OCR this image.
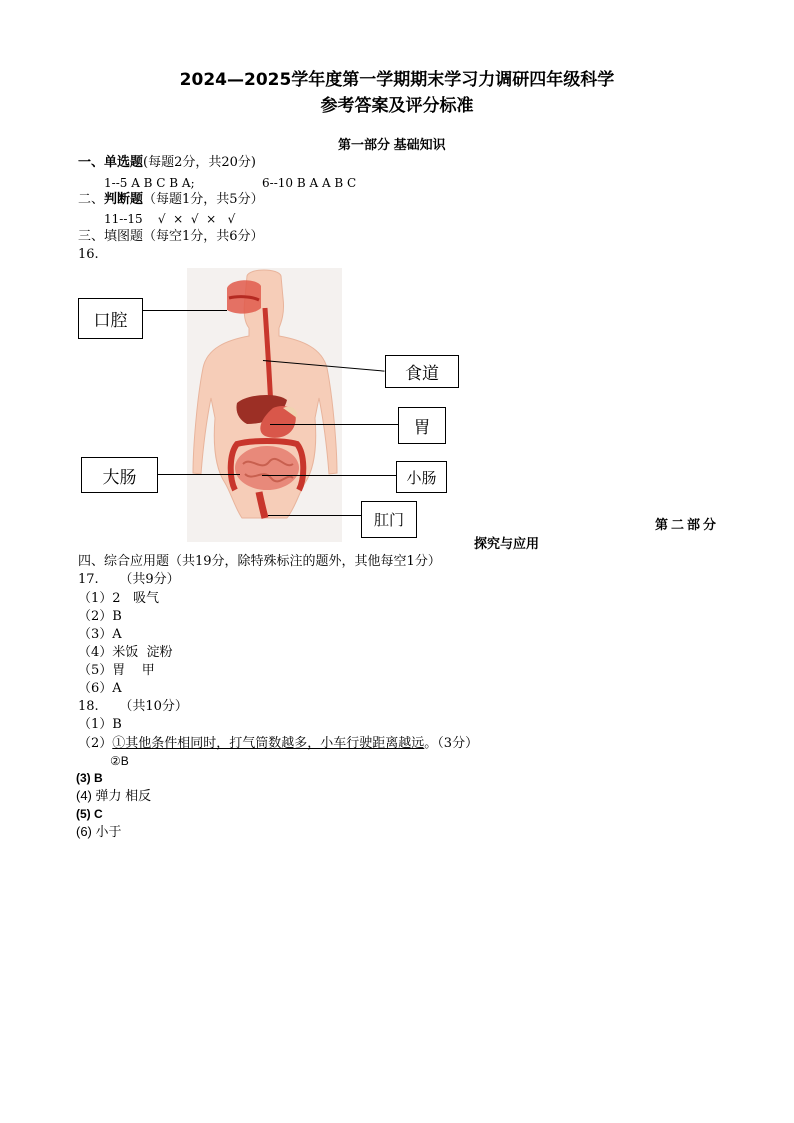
2024—2025学年度第一学期期末学习力调研四年级科学
参考答案及评分标准
第一部分 基础知识
一、单选题(每题2分，共20分)
1--5 A B C B A;	6--10 B A A B C
二、判断题（每题1分，共5分）
11--15    √  ×  √  ×   √
三、填图题（每空1分，共6分）
16.
口腔
食道
胃
大肠	小肠
肛门	第二部分
探究与应用
四、综合应用题（共19分，除特殊标注的题外，其他每空1分）
17.     （共9分）
（1）2   吸气
（2）B
（3）A
（4）米饭  淀粉
（5）胃    甲
（6）A
18.     （共10分）
（1）B
（2）①其他条件相同时，打气筒数越多，小车行驶距离越远。（3分）
②B
(3) B
(4) 弹力 相反
(5) C
(6) 小于
